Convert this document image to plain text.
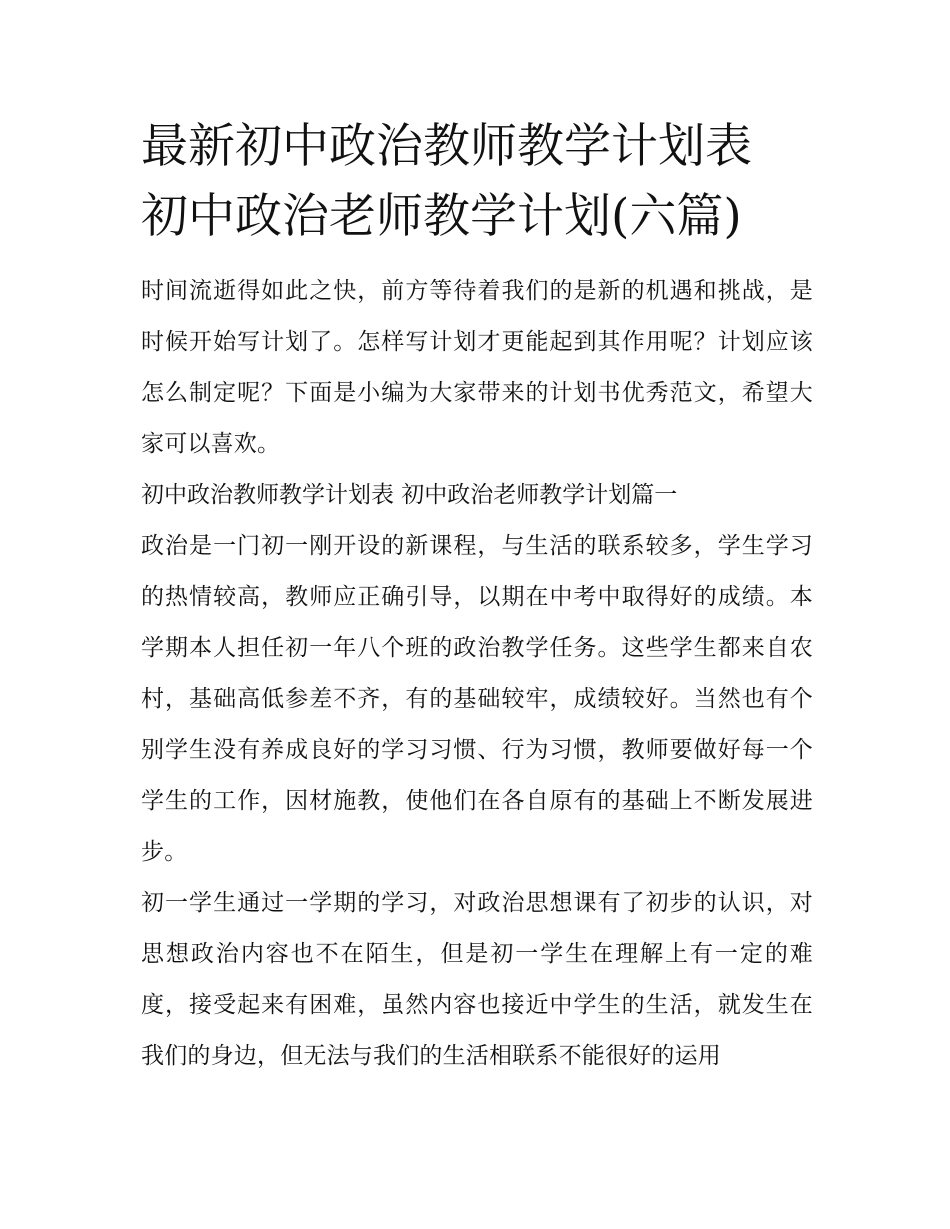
最新初中政治教师教学计划表
初中政治老师教学计划(六篇)

时间流逝得如此之快，前方等待着我们的是新的机遇和挑战，是时候开始写计划了。怎样写计划才更能起到其作用呢？计划应该怎么制定呢？下面是小编为大家带来的计划书优秀范文，希望大家可以喜欢。

初中政治教师教学计划表 初中政治老师教学计划篇一

政治是一门初一刚开设的新课程，与生活的联系较多，学生学习的热情较高，教师应正确引导，以期在中考中取得好的成绩。本学期本人担任初一年八个班的政治教学任务。这些学生都来自农村，基础高低参差不齐，有的基础较牢，成绩较好。当然也有个别学生没有养成良好的学习习惯、行为习惯，教师要做好每一个学生的工作，因材施教，使他们在各自原有的基础上不断发展进步。

初一学生通过一学期的学习，对政治思想课有了初步的认识，对思想政治内容也不在陌生，但是初一学生在理解上有一定的难度，接受起来有困难，虽然内容也接近中学生的生活，就发生在我们的身边，但无法与我们的生活相联系不能很好的运用
